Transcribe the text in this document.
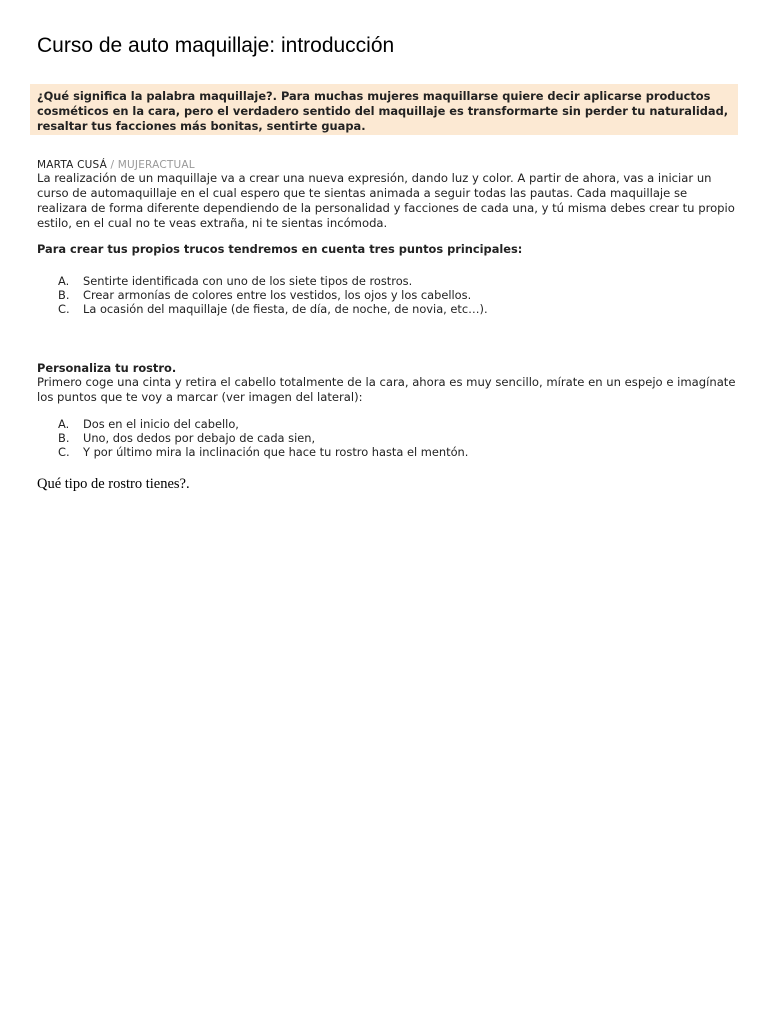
Curso de auto maquillaje: introducción
¿Qué significa la palabra maquillaje?. Para muchas mujeres maquillarse quiere decir aplicarse productos cosméticos en la cara, pero el verdadero sentido del maquillaje es transformarte sin perder tu naturalidad, resaltar tus facciones más bonitas, sentirte guapa.
MARTA CUSÁ / MUJERACTUAL
La realización de un maquillaje va a crear una nueva expresión, dando luz y color. A partir de ahora, vas a iniciar un curso de automaquillaje en el cual espero que te sientas animada a seguir todas las pautas. Cada maquillaje se realizara de forma diferente dependiendo de la personalidad y facciones de cada una, y tú misma debes crear tu propio estilo, en el cual no te veas extraña, ni te sientas incómoda.
Para crear tus propios trucos tendremos en cuenta tres puntos principales:
A.	Sentirte identificada con uno de los siete tipos de rostros.
B.	Crear armonías de colores entre los vestidos, los ojos y los cabellos.
C.	La ocasión del maquillaje (de fiesta, de día, de noche, de novia, etc…).
Personaliza tu rostro.
Primero coge una cinta y retira el cabello totalmente de la cara, ahora es muy sencillo, mírate en un espejo e imagínate los puntos que te voy a marcar (ver imagen del lateral):
A.	Dos en el inicio del cabello,
B.	Uno, dos dedos por debajo de cada sien,
C.	Y por último mira la inclinación que hace tu rostro hasta el mentón.
Qué tipo de rostro tienes?.
